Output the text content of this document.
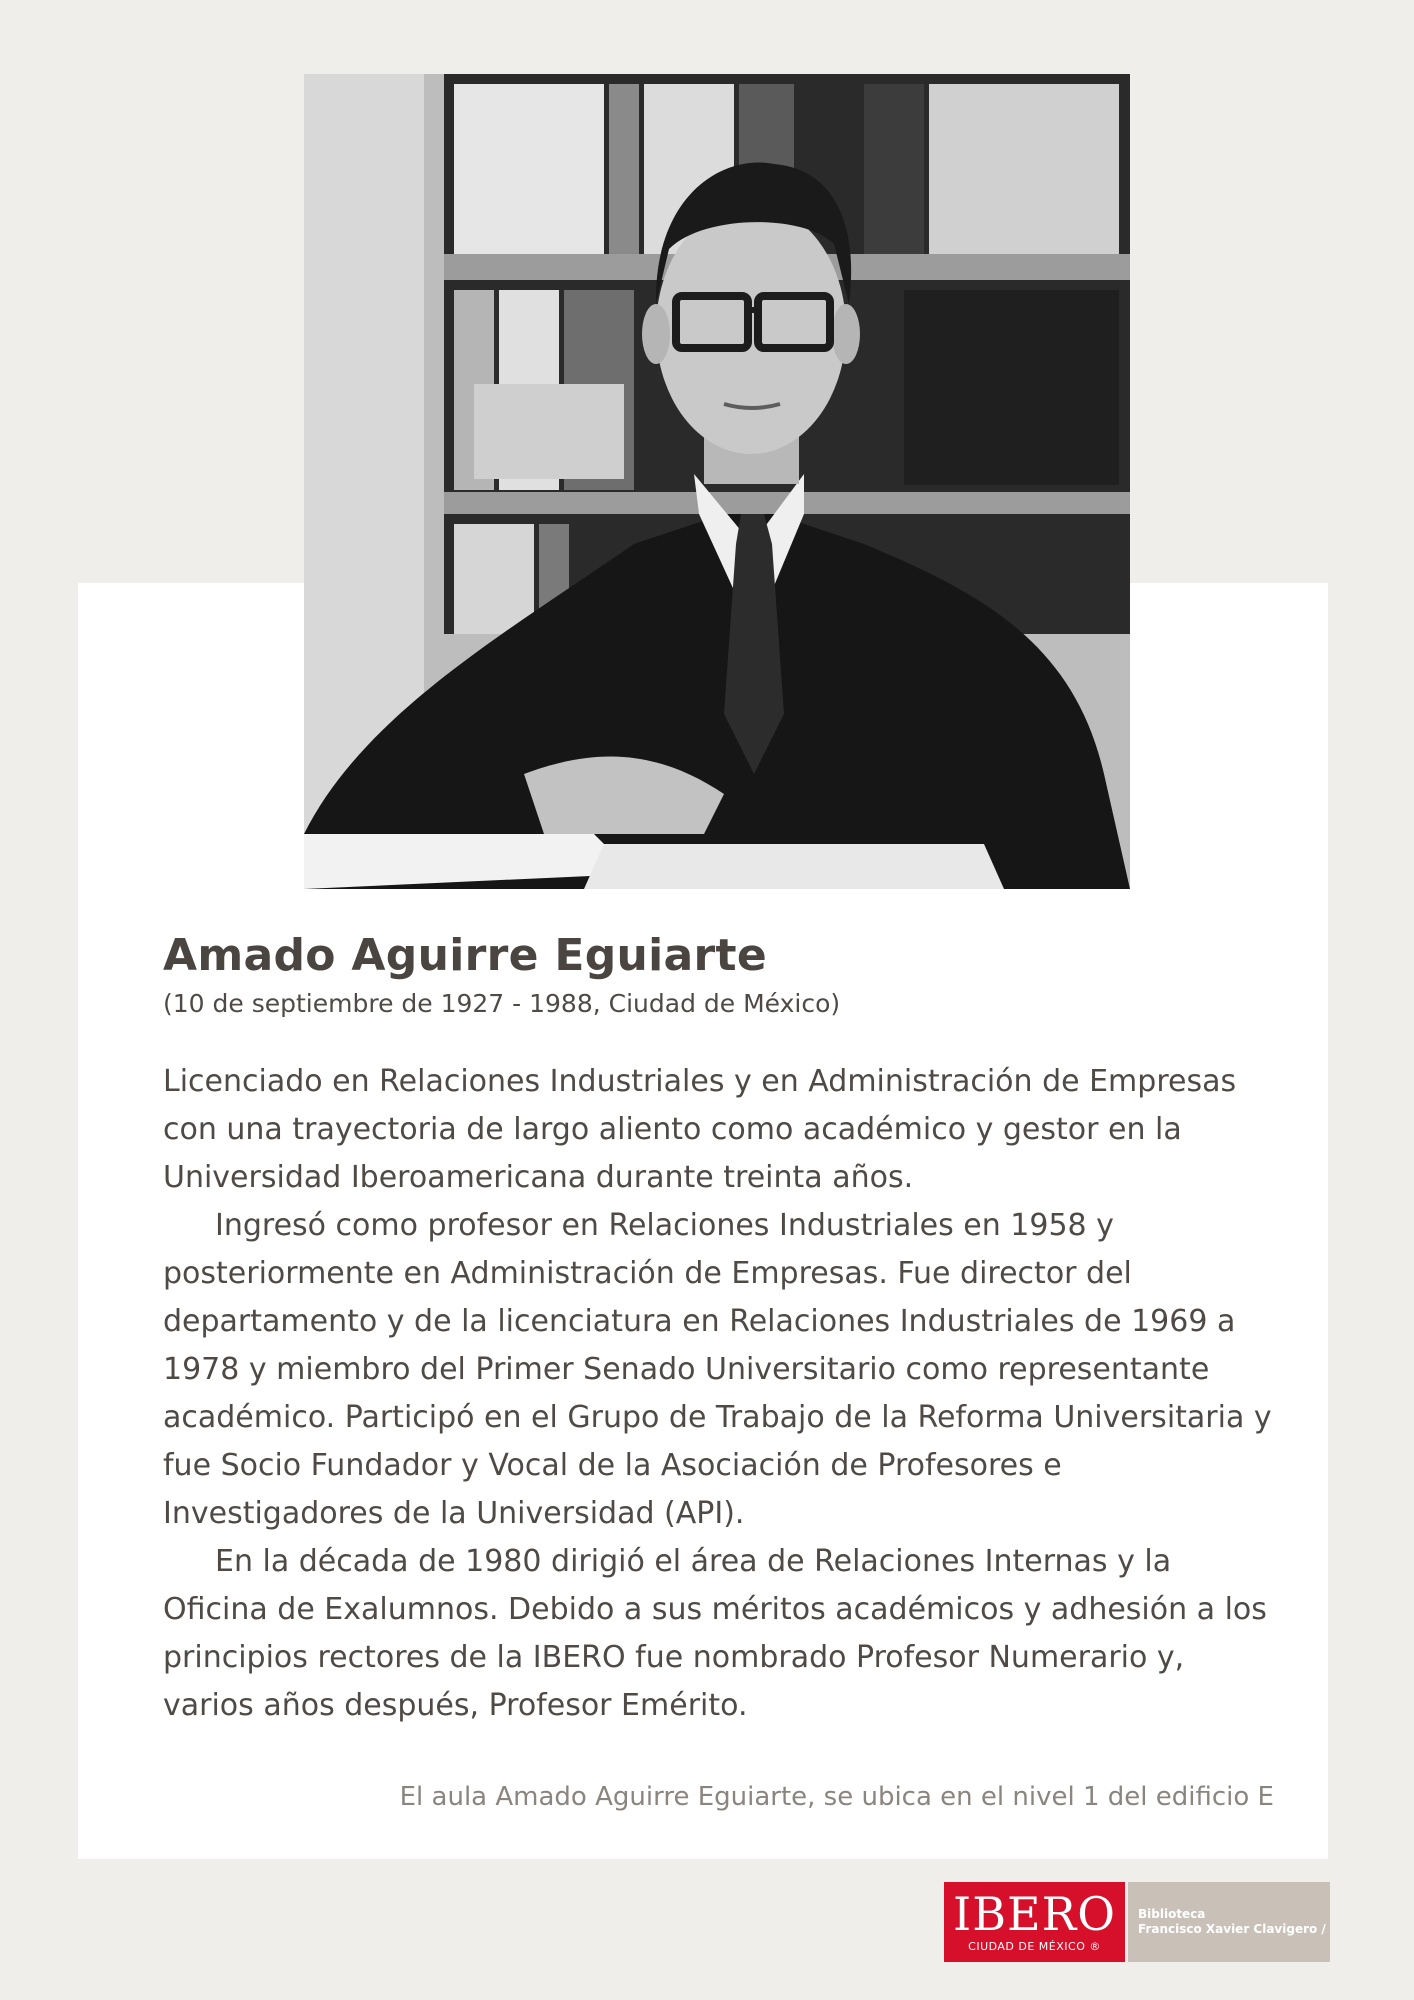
Amado Aguirre Eguiarte

(10 de septiembre de 1927 - 1988, Ciudad de México)

Licenciado en Relaciones Industriales y en Administración de Empresas con una trayectoria de largo aliento como académico y gestor en la Universidad Iberoamericana durante treinta años.

Ingresó como profesor en Relaciones Industriales en 1958 y posteriormente en Administración de Empresas. Fue director del departamento y de la licenciatura en Relaciones Industriales de 1969 a 1978 y miembro del Primer Senado Universitario como representante académico. Participó en el Grupo de Trabajo de la Reforma Universitaria y fue Socio Fundador y Vocal de la Asociación de Profesores e Investigadores de la Universidad (API).

En la década de 1980 dirigió el área de Relaciones Internas y la Oficina de Exalumnos. Debido a sus méritos académicos y adhesión a los principios rectores de la IBERO fue nombrado Profesor Numerario y, varios años después, Profesor Emérito.

El aula Amado Aguirre Eguiarte, se ubica en el nivel 1 del edificio E

IBERO
CIUDAD DE MÉXICO ®
Biblioteca
Francisco Xavier Clavigero /
